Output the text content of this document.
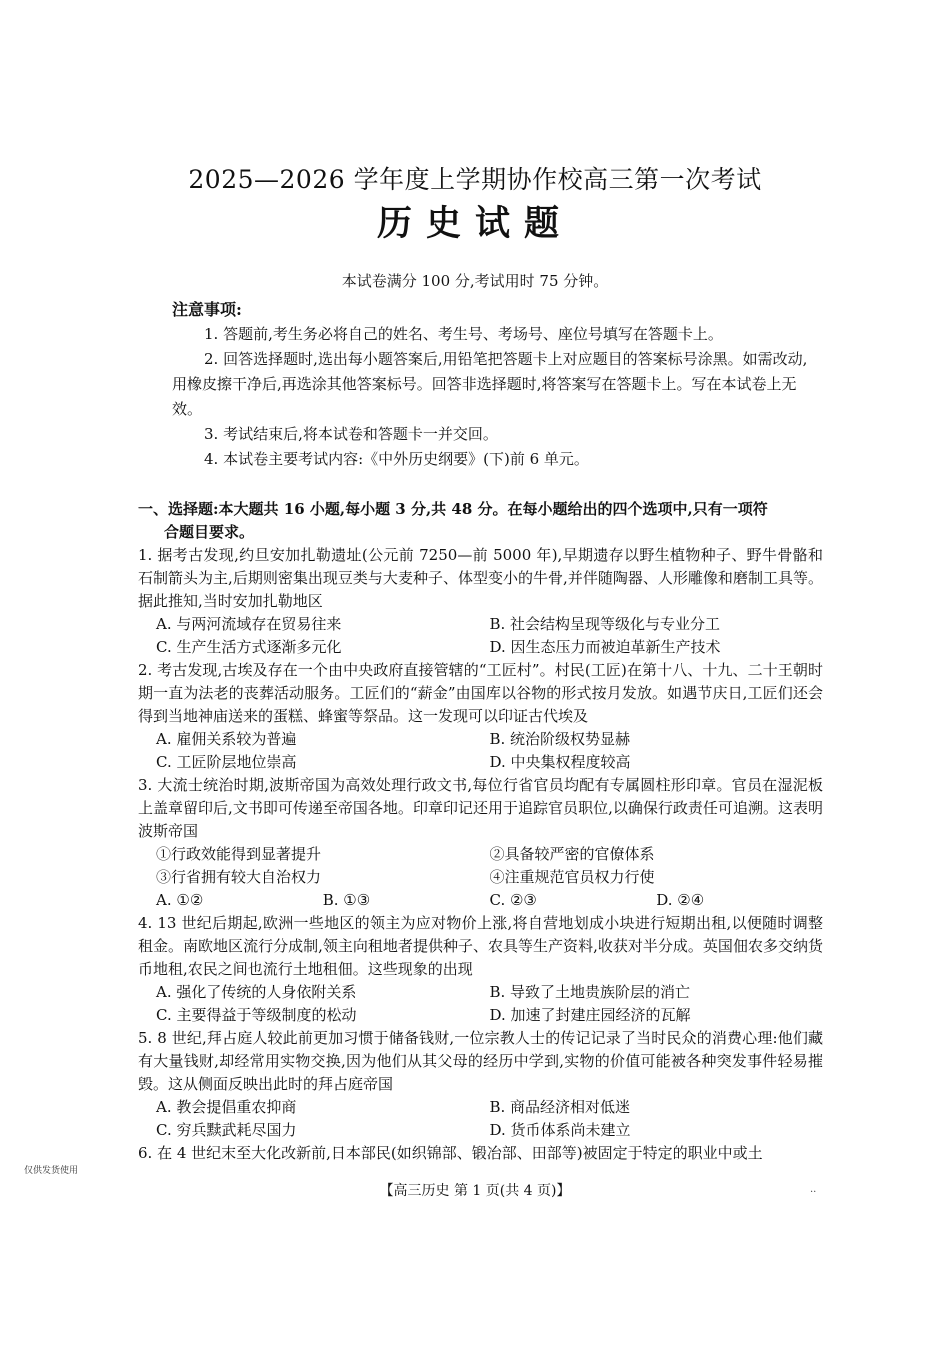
2025—2026 学年度上学期协作校高三第一次考试
历史试题
本试卷满分 100 分,考试用时 75 分钟。
注意事项:

1. 答题前,考生务必将自己的姓名、考生号、考场号、座位号填写在答题卡上。

2. 回答选择题时,选出每小题答案后,用铅笔把答题卡上对应题目的答案标号涂黑。如需改动,用橡皮擦干净后,再选涂其他答案标号。回答非选择题时,将答案写在答题卡上。写在本试卷上无效。

3. 考试结束后,将本试卷和答题卡一并交回。

4. 本试卷主要考试内容:《中外历史纲要》(下)前 6 单元。

一、选择题:本大题共 16 小题,每小题 3 分,共 48 分。在每小题给出的四个选项中,只有一项符
合题目要求。

1. 据考古发现,约旦安加扎勒遗址(公元前 7250—前 5000 年),早期遗存以野生植物种子、野牛骨骼和石制箭头为主,后期则密集出现豆类与大麦种子、体型变小的牛骨,并伴随陶器、人形雕像和磨制工具等。据此推知,当时安加扎勒地区

A. 与两河流域存在贸易往来	B. 社会结构呈现等级化与专业分工
C. 生产生活方式逐渐多元化	D. 因生态压力而被迫革新生产技术

2. 考古发现,古埃及存在一个由中央政府直接管辖的“工匠村”。村民(工匠)在第十八、十九、二十王朝时期一直为法老的丧葬活动服务。工匠们的“薪金”由国库以谷物的形式按月发放。如遇节庆日,工匠们还会得到当地神庙送来的蛋糕、蜂蜜等祭品。这一发现可以印证古代埃及

A. 雇佣关系较为普遍	B. 统治阶级权势显赫
C. 工匠阶层地位崇高	D. 中央集权程度较高

3. 大流士统治时期,波斯帝国为高效处理行政文书,每位行省官员均配有专属圆柱形印章。官员在湿泥板上盖章留印后,文书即可传递至帝国各地。印章印记还用于追踪官员职位,以确保行政责任可追溯。这表明波斯帝国

①行政效能得到显著提升	②具备较严密的官僚体系
③行省拥有较大自治权力	④注重规范官员权力行使
A. ①②	B. ①③	C. ②③	D. ②④

4. 13 世纪后期起,欧洲一些地区的领主为应对物价上涨,将自营地划成小块进行短期出租,以便随时调整租金。南欧地区流行分成制,领主向租地者提供种子、农具等生产资料,收获对半分成。英国佃农多交纳货币地租,农民之间也流行土地租佃。这些现象的出现

A. 强化了传统的人身依附关系	B. 导致了土地贵族阶层的消亡
C. 主要得益于等级制度的松动	D. 加速了封建庄园经济的瓦解

5. 8 世纪,拜占庭人较此前更加习惯于储备钱财,一位宗教人士的传记记录了当时民众的消费心理:他们藏有大量钱财,却经常用实物交换,因为他们从其父母的经历中学到,实物的价值可能被各种突发事件轻易摧毁。这从侧面反映出此时的拜占庭帝国

A. 教会提倡重农抑商	B. 商品经济相对低迷
C. 穷兵黩武耗尽国力	D. 货币体系尚未建立

6. 在 4 世纪末至大化改新前,日本部民(如织锦部、锻冶部、田部等)被固定于特定的职业中或土

仅供发货使用
【高三历史 第 1 页(共 4 页)】	..
